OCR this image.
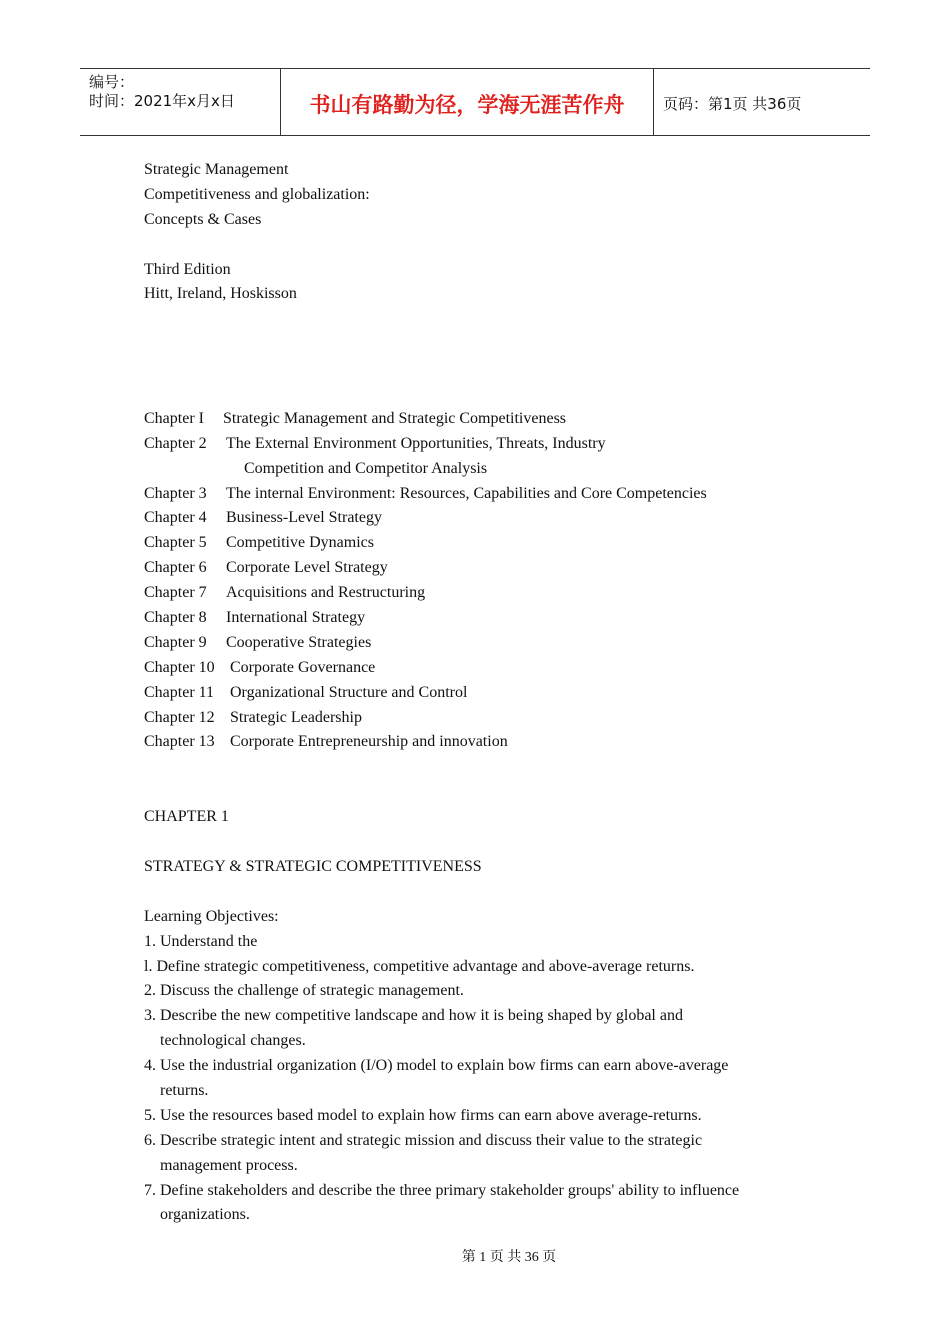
编号：
时间：2021年x月x日	书山有路勤为径，学海无涯苦作舟	页码：第1页 共36页
Strategic Management
Competitiveness and globalization:
Concepts & Cases
Third Edition
Hitt, Ireland, Hoskisson
Chapter I	Strategic Management and Strategic Competitiveness
Chapter 2	The External Environment Opportunities, Threats, Industry
Competition and Competitor Analysis
Chapter 3	The internal Environment: Resources, Capabilities and Core Competencies
Chapter 4	Business-Level Strategy
Chapter 5	Competitive Dynamics
Chapter 6	Corporate Level Strategy
Chapter 7	Acquisitions and Restructuring
Chapter 8	International Strategy
Chapter 9	Cooperative Strategies
Chapter 10 Corporate Governance
Chapter 11 Organizational Structure and Control
Chapter 12 Strategic Leadership
Chapter 13 Corporate Entrepreneurship and innovation
CHAPTER 1
STRATEGY & STRATEGIC COMPETITIVENESS
Learning Objectives:
1. Understand the
l. Define strategic competitiveness, competitive advantage and above-average returns.
2. Discuss the challenge of strategic management.
3. Describe the new competitive landscape and how it is being shaped by global and
technological changes.
4. Use the industrial organization (I/O) model to explain bow firms can earn above-average
returns.
5. Use the resources based model to explain how firms can earn above average-returns.
6. Describe strategic intent and strategic mission and discuss their value to the strategic
management process.
7. Define stakeholders and describe the three primary stakeholder groups' ability to influence
organizations.
第 1 页 共 36 页
